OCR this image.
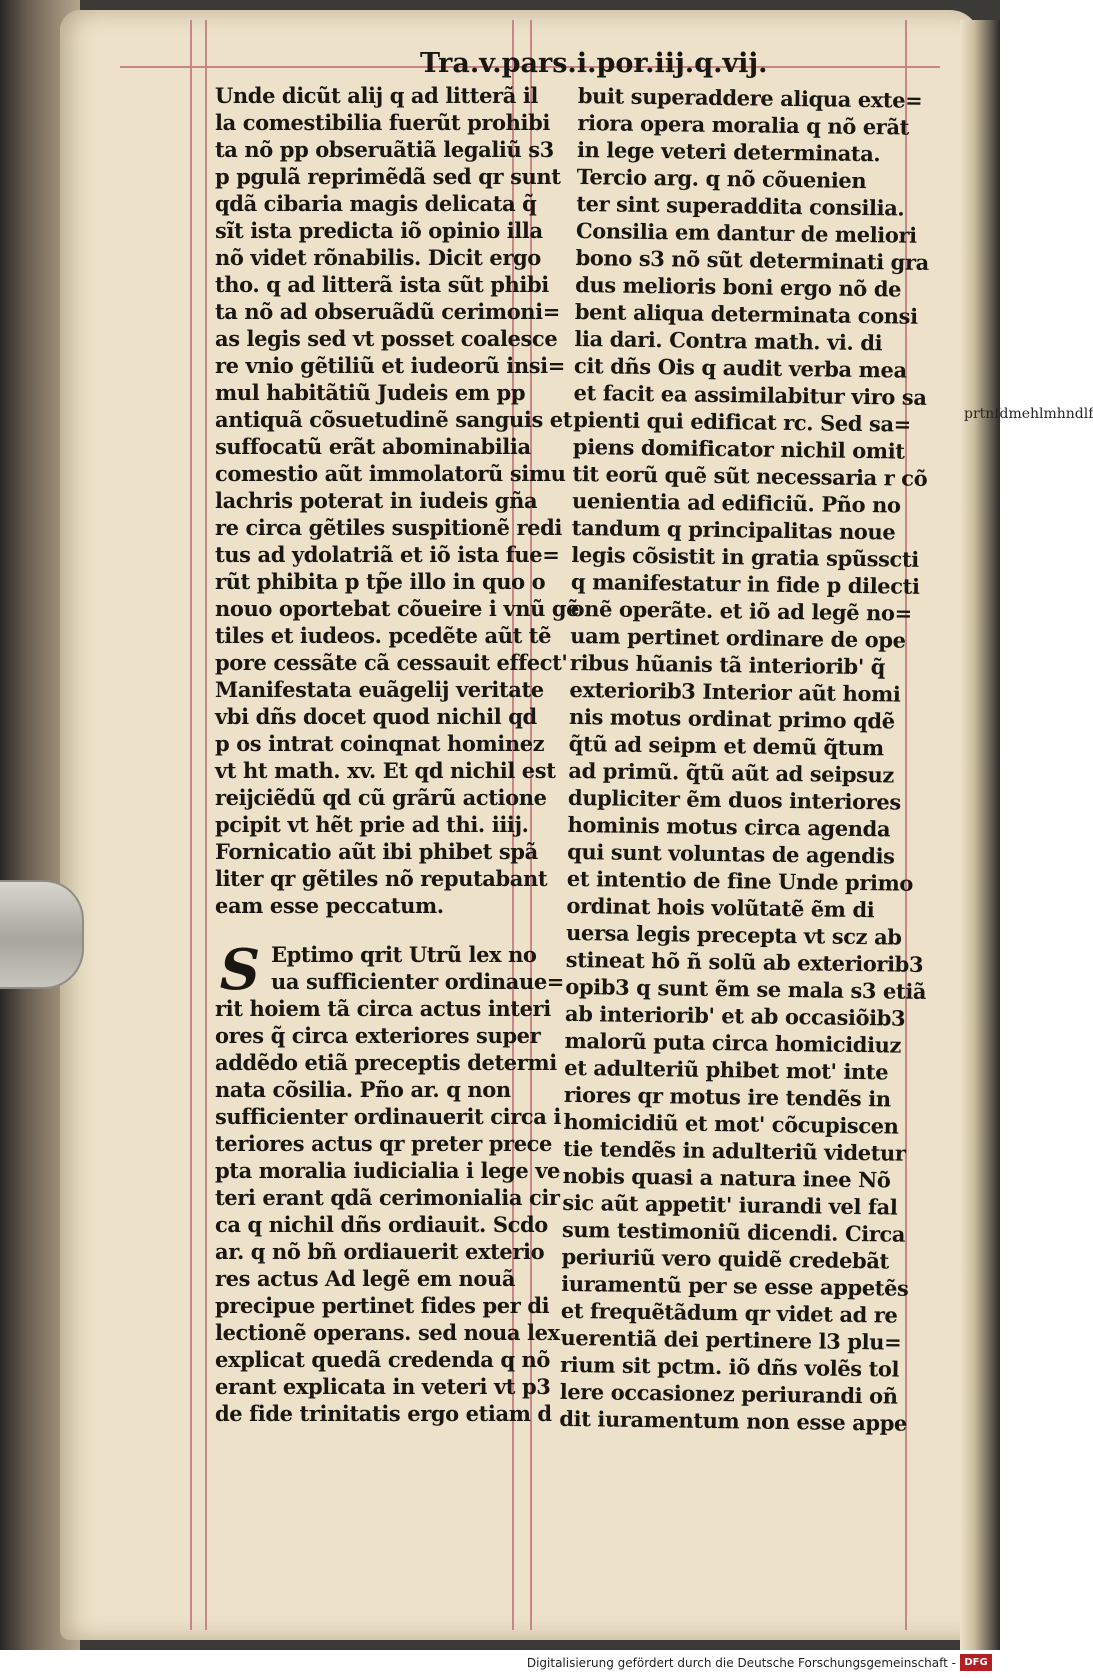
prtnfdmehlmhndlf
Tra.v.pars.i.por.iij.q.vij.
Unde dicũt alij q ad litterã il
la comestibilia fuerũt prohibi
ta nõ pp obseruãtiã legaliũ s3
p pgulã reprimẽdã sed qr sunt
qdã cibaria magis delicata q̃
sĩt ista predicta iõ opinio illa
nõ videt rõnabilis. Dicit ergo
tho. q ad litterã ista sũt phibi
ta nõ ad obseruãdũ cerimoni=
as legis sed vt posset coalesce
re vnio gẽtiliũ et iudeorũ insi=
mul habitãtiũ Judeis em pp
antiquã cõsuetudinẽ sanguis et
suffocatũ erãt abominabilia
comestio aũt immolatorũ simu
lachris poterat in iudeis gña
re circa gẽtiles suspitionẽ redi
tus ad ydolatriã et iõ ista fue=
rũt phibita p tp̃e illo in quo o
nouo oportebat cõueire i vnũ gẽ
tiles et iudeos. pcedẽte aũt tẽ
pore cessãte cã cessauit effect'
Manifestata euãgelij veritate
vbi dñs docet quod nichil qd
p os intrat coinqnat hominez
vt ht math. xv. Et qd nichil est
reijciẽdũ qd cũ grãrũ actione
pcipit vt hẽt prie ad thi. iiij.
Fornicatio aũt ibi phibet spã
liter qr gẽtiles nõ reputabant
eam esse peccatum.
S Eptimo qrit Utrũ lex no
ua sufficienter ordinaue=
rit hoiem tã circa actus interi
ores q̃ circa exteriores super
addẽdo etiã preceptis determi
nata cõsilia. Pño ar. q non
sufficienter ordinauerit circa i
teriores actus qr preter prece
pta moralia iudicialia i lege ve
teri erant qdã cerimonialia cir
ca q nichil dñs ordiauit. Scdo
ar. q nõ bñ ordiauerit exterio
res actus Ad legẽ em nouã
precipue pertinet fides per di
lectionẽ operans. sed noua lex
explicat quedã credenda q nõ
erant explicata in veteri vt p3
de fide trinitatis ergo etiam d
buit superaddere aliqua exte=
riora opera moralia q nõ erãt
in lege veteri determinata.
Terciо arg. q nõ cõuenien
ter sint superaddita consilia.
Consilia em dantur de meliori
bono s3 nõ sũt determinati gra
dus melioris boni ergo nõ de
bent aliqua determinata consi
lia dari. Contra math. vi. di
cit dñs Ois q audit verba mea
et facit ea assimilabitur viro sa
pienti qui edificat rc. Sed sa=
piens domificator nichil omit
tit eorũ quẽ sũt necessaria r cõ
uenientia ad edificiũ. Pño no
tandum q principalitas noue
legis cõsistit in gratia spũsscti
q manifestatur in fide p dilecti
onẽ operãte. et iõ ad legẽ no=
uam pertinet ordinare de ope
ribus hũanis tã interiorib' q̃
exteriorib3 Interior aũt homi
nis motus ordinat primo qdẽ
q̃tũ ad seipm et demũ q̃tum
ad primũ. q̃tũ aũt ad seipsuz
dupliciter ẽm duos interiores
hominis motus circa agenda
qui sunt voluntas de agendis
et intentio de fine Unde primo
ordinat hois volũtatẽ ẽm di
uersa legis precepta vt scz ab
stineat hõ ñ solũ ab exteriorib3
opib3 q sunt ẽm se mala s3 etiã
ab interiorib' et ab occasiõib3
malorũ puta circa homicidiuz
et adulteriũ phibet mot' inte
riores qr motus ire tendẽs in
homicidiũ et mot' cõcupiscen
tie tendẽs in adulteriũ videtur
nobis quasi a natura inee Nõ
sic aũt appetit' iurandi vel fal
sum testimoniũ dicendi. Circa
periuriũ vero quidẽ credebãt
iuramentũ per se esse appetẽs
et frequẽtãdum qr videt ad re
uerentiã dei pertinere l3 plu=
rium sit pctm. iõ dñs volẽs tol
lere occasionez periurandi oñ
dit iuramentum non esse appe
Digitalisierung gefördert durch die Deutsche Forschungsgemeinschaft - DFG
